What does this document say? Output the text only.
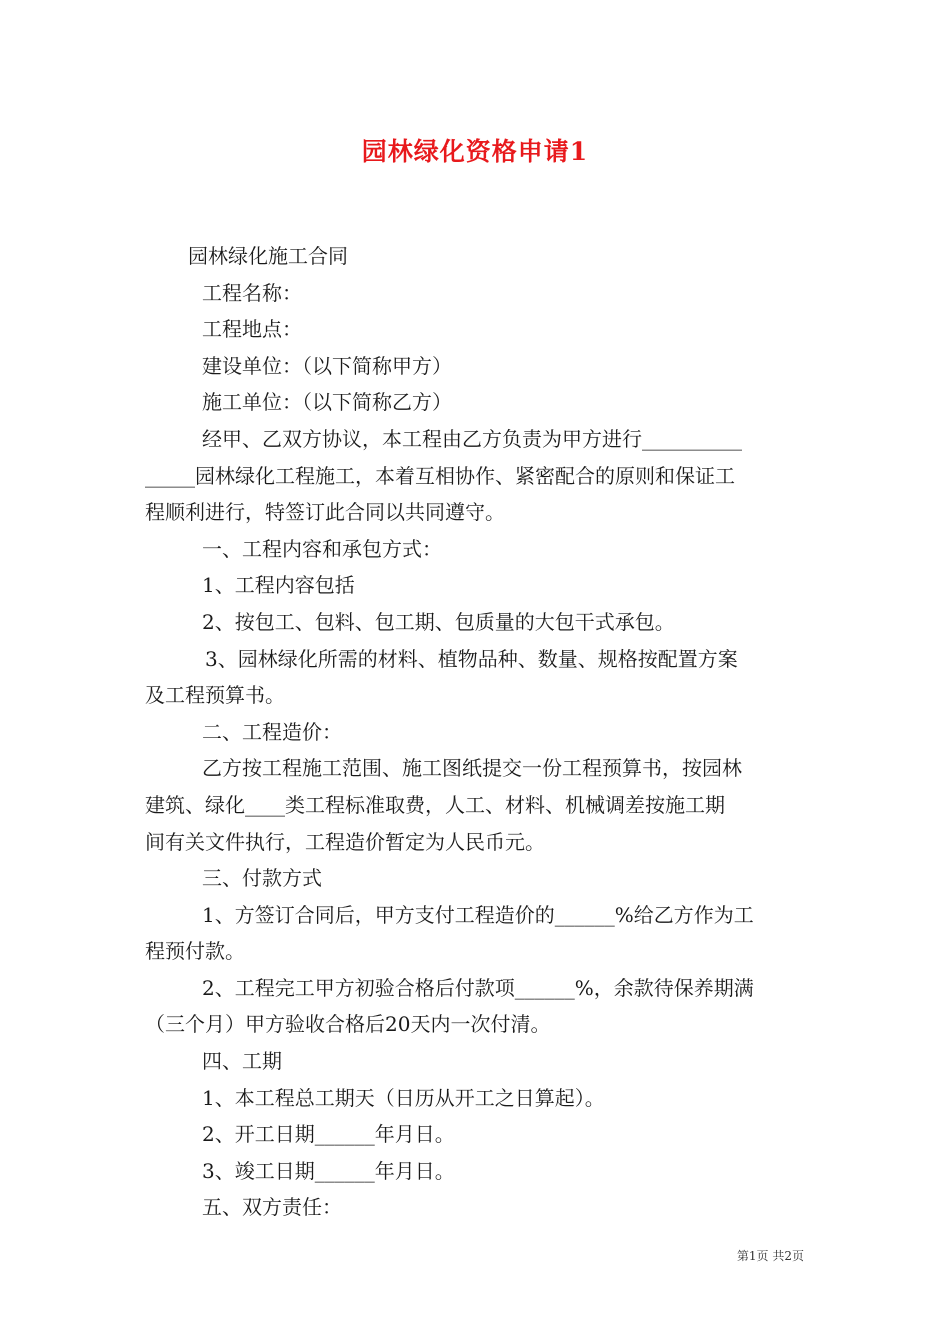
园林绿化资格申请1
园林绿化施工合同
工程名称：
工程地点：
建设单位：（以下简称甲方）
施工单位：（以下简称乙方）
经甲、乙双方协议，本工程由乙方负责为甲方进行__________
_____园林绿化工程施工，本着互相协作、紧密配合的原则和保证工
程顺利进行，特签订此合同以共同遵守。
一、工程内容和承包方式：
1、工程内容包括
2、按包工、包料、包工期、包质量的大包干式承包。
3、园林绿化所需的材料、植物品种、数量、规格按配置方案
及工程预算书。
二、工程造价：
乙方按工程施工范围、施工图纸提交一份工程预算书，按园林
建筑、绿化____类工程标准取费，人工、材料、机械调差按施工期
间有关文件执行，工程造价暂定为人民币元。
三、付款方式
1、方签订合同后，甲方支付工程造价的______%给乙方作为工
程预付款。
2、工程完工甲方初验合格后付款项______%，余款待保养期满
（三个月）甲方验收合格后20天内一次付清。
四、工期
1、本工程总工期天（日历从开工之日算起）。
2、开工日期______年月日。
3、竣工日期______年月日。
五、双方责任：
第1页 共2页
